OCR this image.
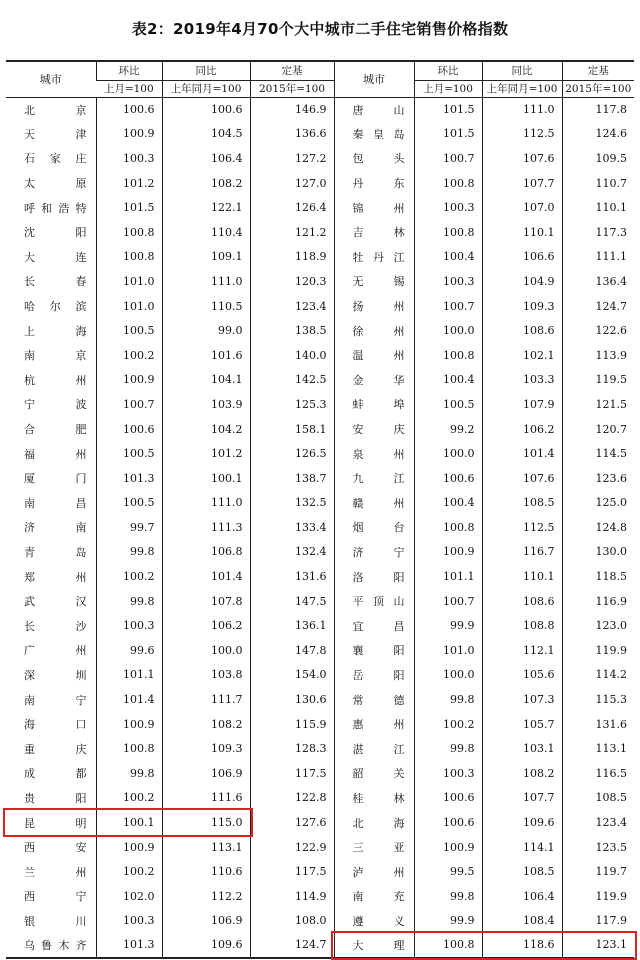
表2：2019年4月70个大中城市二手住宅销售价格指数
城市	环比	同比	定基	城市	环比	同比	定基
	上月=100	上年同月=100	2015年=100		上月=100	上年同月=100	2015年=100
北　京	100.6	100.6	146.9	唐　山	101.5	111.0	117.8
天　津	100.9	104.5	136.6	秦皇岛	101.5	112.5	124.6
石家庄	100.3	106.4	127.2	包　头	100.7	107.6	109.5
太　原	101.2	108.2	127.0	丹　东	100.8	107.7	110.7
呼和浩特	101.5	122.1	126.4	锦　州	100.3	107.0	110.1
沈　阳	100.8	110.4	121.2	吉　林	100.8	110.1	117.3
大　连	100.8	109.1	118.9	牡丹江	100.4	106.6	111.1
长　春	101.0	111.0	120.3	无　锡	100.3	104.9	136.4
哈尔滨	101.0	110.5	123.4	扬　州	100.7	109.3	124.7
上　海	100.5	99.0	138.5	徐　州	100.0	108.6	122.6
南　京	100.2	101.6	140.0	温　州	100.8	102.1	113.9
杭　州	100.9	104.1	142.5	金　华	100.4	103.3	119.5
宁　波	100.7	103.9	125.3	蚌　埠	100.5	107.9	121.5
合　肥	100.6	104.2	158.1	安　庆	99.2	106.2	120.7
福　州	100.5	101.2	126.5	泉　州	100.0	101.4	114.5
厦　门	101.3	100.1	138.7	九　江	100.6	107.6	123.6
南　昌	100.5	111.0	132.5	赣　州	100.4	108.5	125.0
济　南	99.7	111.3	133.4	烟　台	100.8	112.5	124.8
青　岛	99.8	106.8	132.4	济　宁	100.9	116.7	130.0
郑　州	100.2	101.4	131.6	洛　阳	101.1	110.1	118.5
武　汉	99.8	107.8	147.5	平顶山	100.7	108.6	116.9
长　沙	100.3	106.2	136.1	宜　昌	99.9	108.8	123.0
广　州	99.6	100.0	147.8	襄　阳	101.0	112.1	119.9
深　圳	101.1	103.8	154.0	岳　阳	100.0	105.6	114.2
南　宁	101.4	111.7	130.6	常　德	99.8	107.3	115.3
海　口	100.9	108.2	115.9	惠　州	100.2	105.7	131.6
重　庆	100.8	109.3	128.3	湛　江	99.8	103.1	113.1
成　都	99.8	106.9	117.5	韶　关	100.3	108.2	116.5
贵　阳	100.2	111.6	122.8	桂　林	100.6	107.7	108.5
昆　明	100.1	115.0	127.6	北　海	100.6	109.6	123.4
西　安	100.9	113.1	122.9	三　亚	100.9	114.1	123.5
兰　州	100.2	110.6	117.5	泸　州	99.5	108.5	119.7
西　宁	102.0	112.2	114.9	南　充	99.8	106.4	119.9
银　川	100.3	106.9	108.0	遵　义	99.9	108.4	117.9
乌鲁木齐	101.3	109.6	124.7	大　理	100.8	118.6	123.1
